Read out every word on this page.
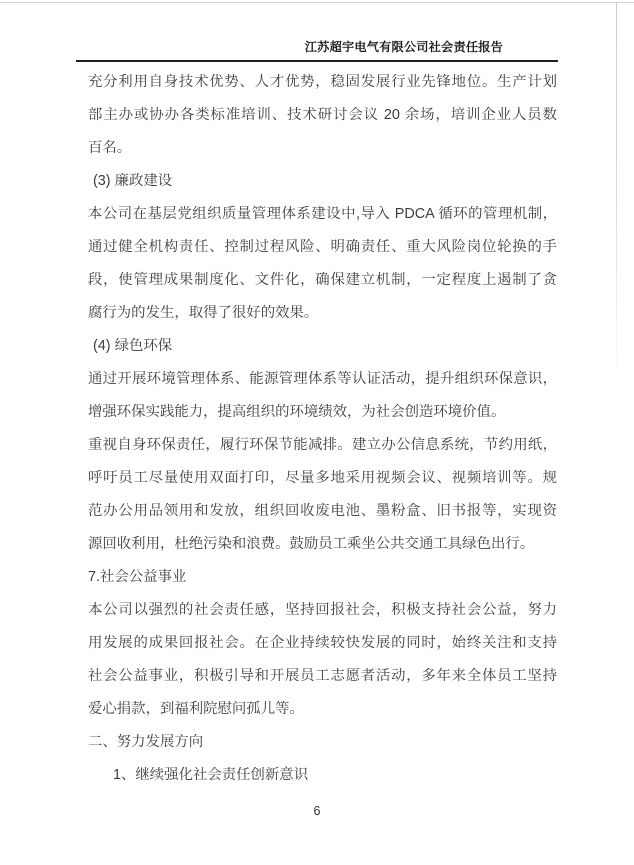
江苏超宇电气有限公司社会责任报告
充分利用自身技术优势、人才优势，稳固发展行业先锋地位。生产计划
部主办或协办各类标准培训、技术研讨会议 20 余场，培训企业人员数
百名。
(3) 廉政建设
本公司在基层党组织质量管理体系建设中,导入 PDCA 循环的管理机制，
通过健全机构责任、控制过程风险、明确责任、重大风险岗位轮换的手
段，使管理成果制度化、文件化，确保建立机制，一定程度上遏制了贪
腐行为的发生，取得了很好的效果。
(4) 绿色环保
通过开展环境管理体系、能源管理体系等认证活动，提升组织环保意识，
增强环保实践能力，提高组织的环境绩效，为社会创造环境价值。
重视自身环保责任，履行环保节能减排。建立办公信息系统，节约用纸，
呼吁员工尽量使用双面打印，尽量多地采用视频会议、视频培训等。规
范办公用品领用和发放，组织回收废电池、墨粉盒、旧书报等，实现资
源回收利用，杜绝污染和浪费。鼓励员工乘坐公共交通工具绿色出行。
7.社会公益事业
本公司以强烈的社会责任感，坚持回报社会，积极支持社会公益，努力
用发展的成果回报社会。在企业持续较快发展的同时，始终关注和支持
社会公益事业，积极引导和开展员工志愿者活动，多年来全体员工坚持
爱心捐款，到福利院慰问孤儿等。
二、努力发展方向
1、继续强化社会责任创新意识
6
